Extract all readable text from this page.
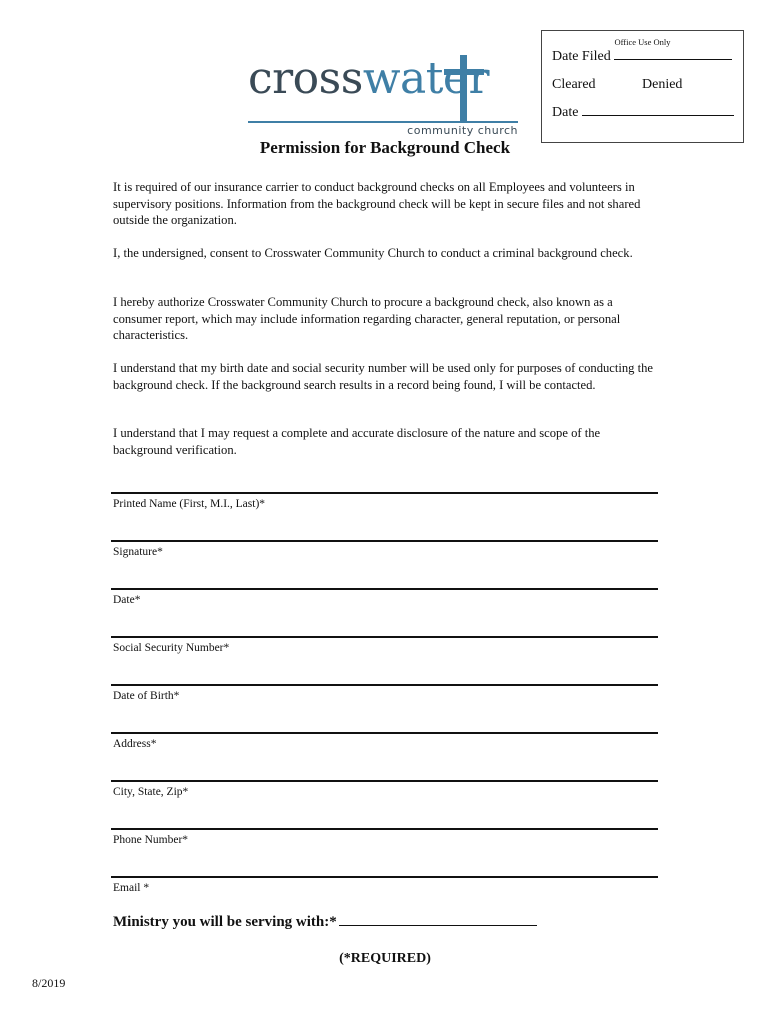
Office Use Only
Date Filed
Cleared	Denied
Date
crosswater
community church
Permission for Background Check
It is required of our insurance carrier to conduct background checks on all Employees and volunteers in supervisory positions. Information from the background check will be kept in secure files and not shared outside the organization.
I, the undersigned, consent to Crosswater Community Church to conduct a criminal background check.
I hereby authorize Crosswater Community Church to procure a background check, also known as a consumer report, which may include information regarding character, general reputation, or personal characteristics.
I understand that my birth date and social security number will be used only for purposes of conducting the background check. If the background search results in a record being found, I will be contacted.
I understand that I may request a complete and accurate disclosure of the nature and scope of the background verification.
Printed Name (First, M.I., Last)*
Signature*
Date*
Social Security Number*
Date of Birth*
Address*
City, State, Zip*
Phone Number*
Email *
Ministry you will be serving with:*
(*REQUIRED)
8/2019
